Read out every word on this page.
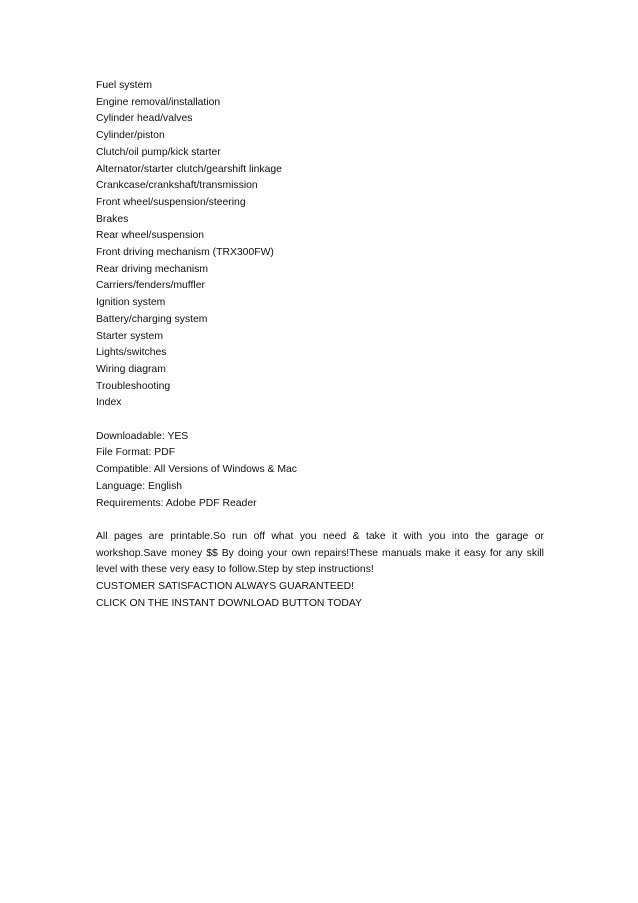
Fuel system
Engine removal/installation
Cylinder head/valves
Cylinder/piston
Clutch/oil pump/kick starter
Alternator/starter clutch/gearshift linkage
Crankcase/crankshaft/transmission
Front wheel/suspension/steering
Brakes
Rear wheel/suspension
Front driving mechanism (TRX300FW)
Rear driving mechanism
Carriers/fenders/muffler
Ignition system
Battery/charging system
Starter system
Lights/switches
Wiring diagram
Troubleshooting
Index
Downloadable: YES
File Format: PDF
Compatible: All Versions of Windows & Mac
Language: English
Requirements: Adobe PDF Reader

All pages are printable.So run off what you need & take it with you into the garage or workshop.Save money $$ By doing your own repairs!These manuals make it easy for any skill level with these very easy to follow.Step by step instructions!

CUSTOMER SATISFACTION ALWAYS GUARANTEED!
CLICK ON THE INSTANT DOWNLOAD BUTTON TODAY
